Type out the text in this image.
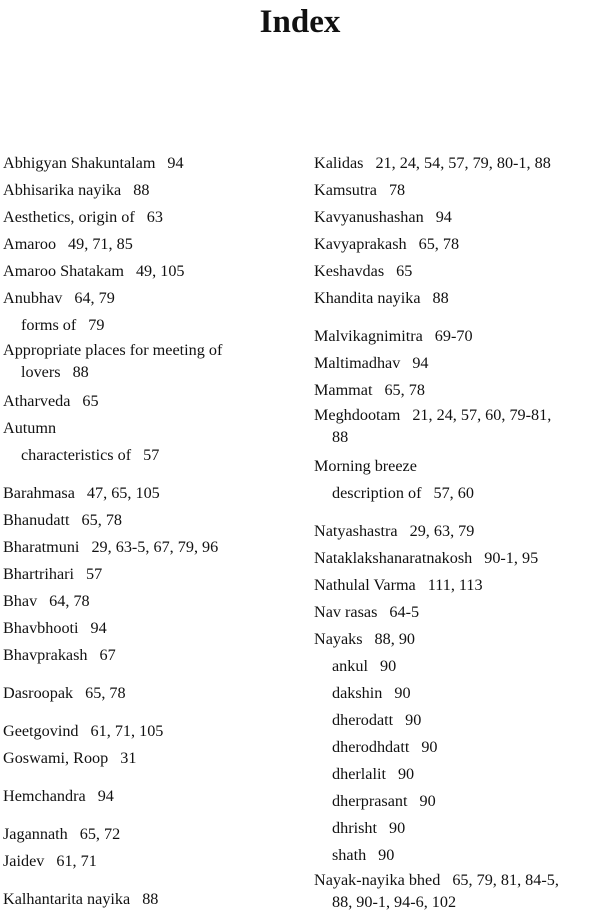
Index
Abhigyan Shakuntalam 94
Abhisarika nayika 88
Aesthetics, origin of 63
Amaroo 49, 71, 85
Amaroo Shatakam 49, 105
Anubhav 64, 79
forms of 79
Appropriate places for meeting of
lovers 88
Atharveda 65
Autumn
characteristics of 57
Barahmasa 47, 65, 105
Bhanudatt 65, 78
Bharatmuni 29, 63-5, 67, 79, 96
Bhartrihari 57
Bhav 64, 78
Bhavbhooti 94
Bhavprakash 67
Dasroopak 65, 78
Geetgovind 61, 71, 105
Goswami, Roop 31
Hemchandra 94
Jagannath 65, 72
Jaidev 61, 71
Kalhantarita nayika 88
Kalidas 21, 24, 54, 57, 79, 80-1, 88
Kamsutra 78
Kavyanushashan 94
Kavyaprakash 65, 78
Keshavdas 65
Khandita nayika 88
Malvikagnimitra 69-70
Maltimadhav 94
Mammat 65, 78
Meghdootam 21, 24, 57, 60, 79-81,
88
Morning breeze
description of 57, 60
Natyashastra 29, 63, 79
Nataklakshanaratnakosh 90-1, 95
Nathulal Varma 111, 113
Nav rasas 64-5
Nayaks 88, 90
ankul 90
dakshin 90
dherodatt 90
dherodhdatt 90
dherlalit 90
dherprasant 90
dhrisht 90
shath 90
Nayak-nayika bhed 65, 79, 81, 84-5,
88, 90-1, 94-6, 102
